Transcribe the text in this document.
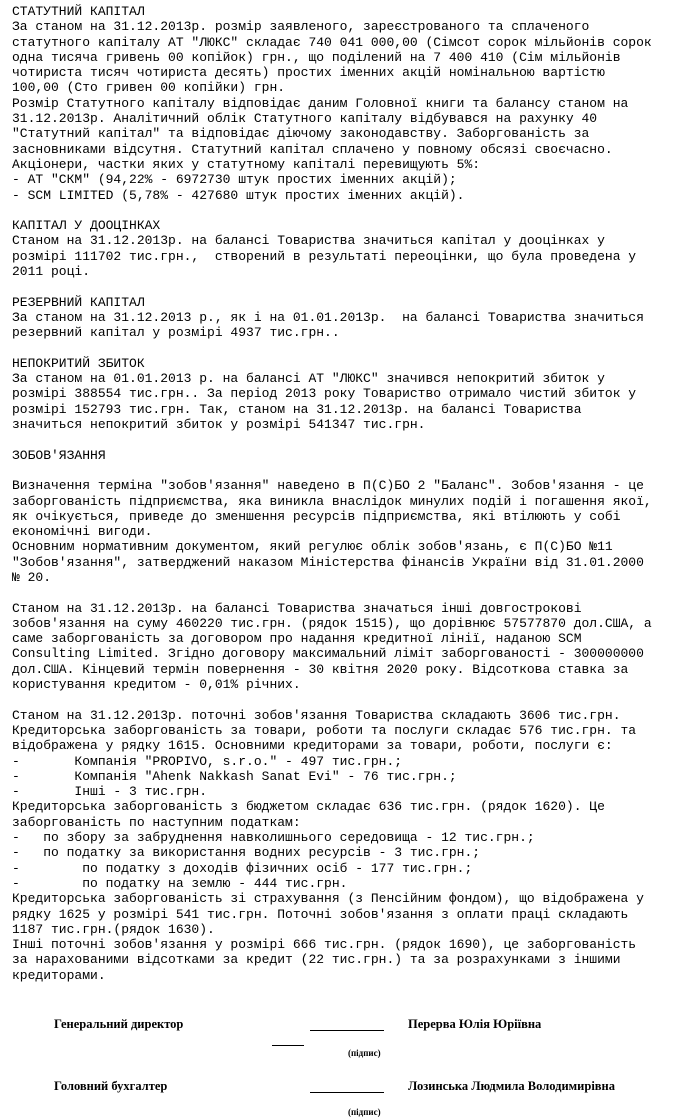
СТАТУТНИЙ КАПІТАЛ
За станом на 31.12.2013р. розмір заявленого, зареєстрованого та сплаченого
статутного капіталу АТ "ЛЮКС" складає 740 041 000,00 (Сімсот сорок мільйонів сорок
одна тисяча гривень 00 копійок) грн., що поділений на 7 400 410 (Сім мільйонів
чотириста тисяч чотириста десять) простих іменних акцій номінальною вартістю
100,00 (Сто гривен 00 копійки) грн.
Розмір Статутного капіталу відповідає даним Головної книги та балансу станом на
31.12.2013р. Аналітичний облік Статутного капіталу відбувався на рахунку 40
"Статутний капітал" та відповідає діючому законодавству. Заборгованість за
засновниками відсутня. Статутний капітал сплачено у повному обсязі своєчасно.
Акціонери, частки яких у статутному капіталі перевищують 5%:
- АТ "СКМ" (94,22% - 6972730 штук простих іменних акцій);
- SCM LIMITED (5,78% - 427680 штук простих іменних акцій).
КАПІТАЛ У ДООЦІНКАХ
Станом на 31.12.2013р. на балансі Товариства значиться капітал у дооцінках у
розмірі 111702 тис.грн.,  створений в результаті переоцінки, що була проведена у
2011 році.
РЕЗЕРВНИЙ КАПІТАЛ
За станом на 31.12.2013 р., як і на 01.01.2013р.  на балансі Товариства значиться
резервний капітал у розмірі 4937 тис.грн..
НЕПОКРИТИЙ ЗБИТОК
За станом на 01.01.2013 р. на балансі АТ "ЛЮКС" значився непокритий збиток у
розмірі 388554 тис.грн.. За період 2013 року Товариство отримало чистий збиток у
розмірі 152793 тис.грн. Так, станом на 31.12.2013р. на балансі Товариства
значиться непокритий збиток у розмірі 541347 тис.грн.
ЗОБОВ'ЯЗАННЯ
Визначення терміна "зобов'язання" наведено в П(С)БО 2 "Баланс". Зобов'язання - це
заборгованість підприємства, яка виникла внаслідок минулих подій і погашення якої,
як очікується, приведе до зменшення ресурсів підприємства, які втілюють у собі
економічні вигоди.
Основним нормативним документом, який регулює облік зобов'язань, є П(С)БО №11
"Зобов'язання", затверджений наказом Міністерства фінансів України від 31.01.2000
№ 20.
Станом на 31.12.2013р. на балансі Товариства значаться інші довгострокові
зобов'язання на суму 460220 тис.грн. (рядок 1515), що дорівнює 57577870 дол.США, а
саме заборгованість за договором про надання кредитної лінії, наданою SCM
Consulting Limited. Згідно договору максимальний ліміт заборгованості - 300000000
дол.США. Кінцевий термін повернення - 30 квітня 2020 року. Відсоткова ставка за
користування кредитом - 0,01% річних.
Станом на 31.12.2013р. поточні зобов'язання Товариства складають 3606 тис.грн.
Кредиторська заборгованість за товари, роботи та послуги складає 576 тис.грн. та
відображена у рядку 1615. Основними кредиторами за товари, роботи, послуги є:
-       Компанія "PROPIVO, s.r.o." - 497 тис.грн.;
-       Компанія "Ahenk Nakkash Sanat Evi" - 76 тис.грн.;
-       Інші - 3 тис.грн.
Кредиторська заборгованість з бюджетом складає 636 тис.грн. (рядок 1620). Це
заборгованість по наступним податкам:
-   по збору за забруднення навколишнього середовища - 12 тис.грн.;
-   по податку за використання водних ресурсів - 3 тис.грн.;
-        по податку з доходів фізичних осіб - 177 тис.грн.;
-        по податку на землю - 444 тис.грн.
Кредиторська заборгованість зі страхування (з Пенсійним фондом), що відображена у
рядку 1625 у розмірі 541 тис.грн. Поточні зобов'язання з оплати праці складають
1187 тис.грн.(рядок 1630).
Інші поточні зобов'язання у розмірі 666 тис.грн. (рядок 1690), це заборгованість
за нарахованими відсотками за кредит (22 тис.грн.) та за розрахунками з іншими
кредиторами.
Генеральний директор	Перерва Юлія Юріївна
(підпис)
Головний бухгалтер	Лозинська Людмила Володимирівна
(підпис)
